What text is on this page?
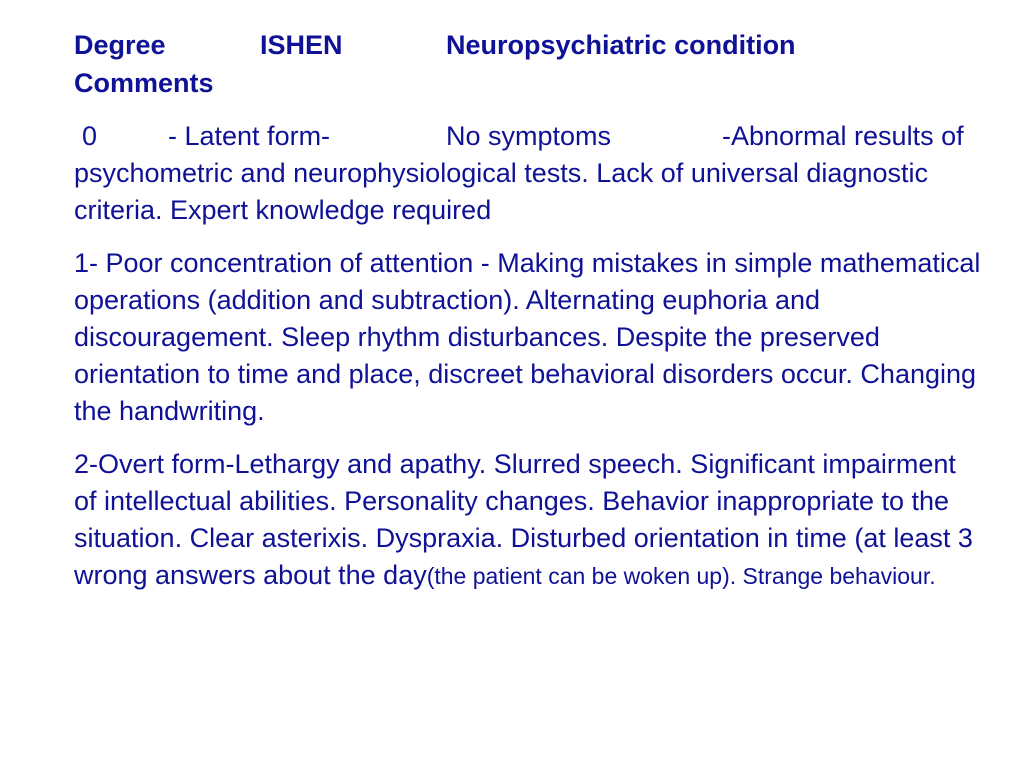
Degree	ISHEN	Neuropsychiatric condition
Comments
0	- Latent form-	No symptoms	-Abnormal results of psychometric and neurophysiological tests. Lack of universal diagnostic criteria. Expert knowledge required
1- Poor concentration of attention - Making mistakes in simple mathematical operations (addition and subtraction). Alternating euphoria and discouragement. Sleep rhythm disturbances. Despite the preserved orientation to time and place, discreet behavioral disorders occur. Changing the handwriting.
2-Overt form-Lethargy and apathy. Slurred speech. Significant impairment of intellectual abilities. Personality changes. Behavior inappropriate to the situation. Clear asterixis. Dyspraxia. Disturbed orientation in time (at least 3 wrong answers about the day(the patient can be woken up). Strange behaviour.
